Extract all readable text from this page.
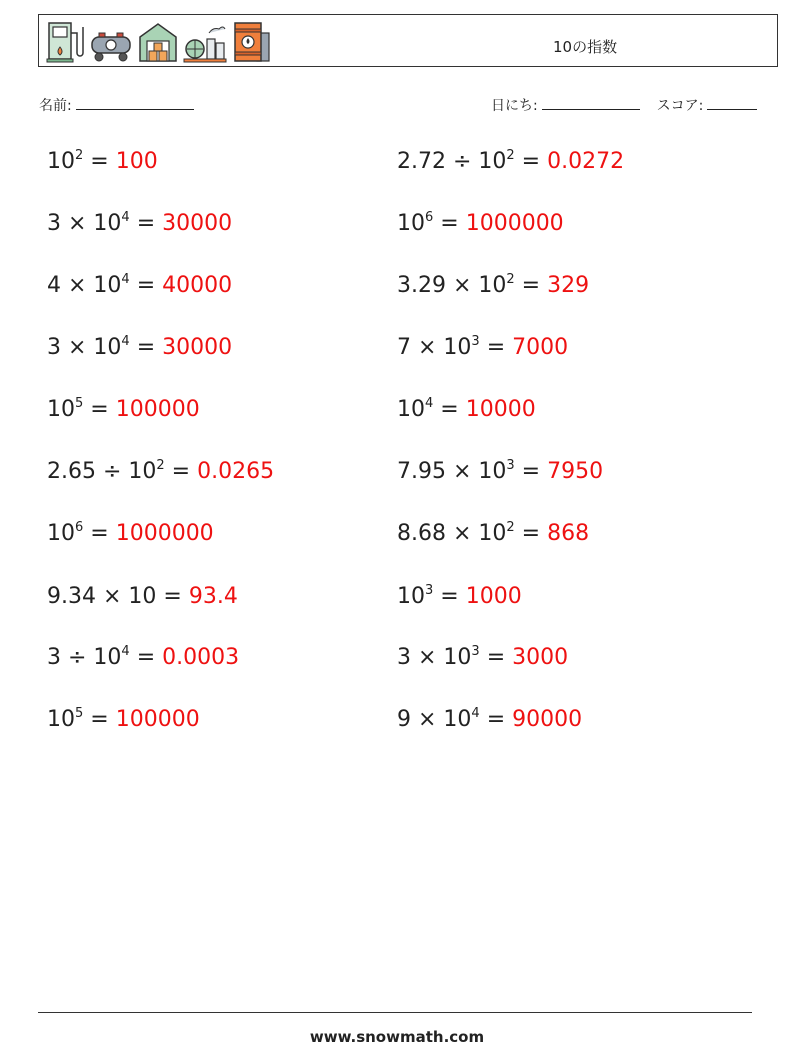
10の指数
名前:	日にち:	スコア:
$10^2 = 100$
$3 \times 10^4 = 30000$
$4 \times 10^4 = 40000$
$3 \times 10^4 = 30000$
$10^5 = 100000$
$2.65 \div 10^2 = 0.0265$
$10^6 = 1000000$
9.34 × 10 = 93.4
$3 \div 10^4 = 0.0003$
$10^5 = 100000$
$2.72 \div 10^2 = 0.0272$
$10^6 = 1000000$
$3.29 \times 10^2 = 329$
$7 \times 10^3 = 7000$
$10^4 = 10000$
$7.95 \times 10^3 = 7950$
$8.68 \times 10^2 = 868$
$10^3 = 1000$
$3 \times 10^3 = 3000$
$9 \times 10^4 = 90000$
www.snowmath.com
